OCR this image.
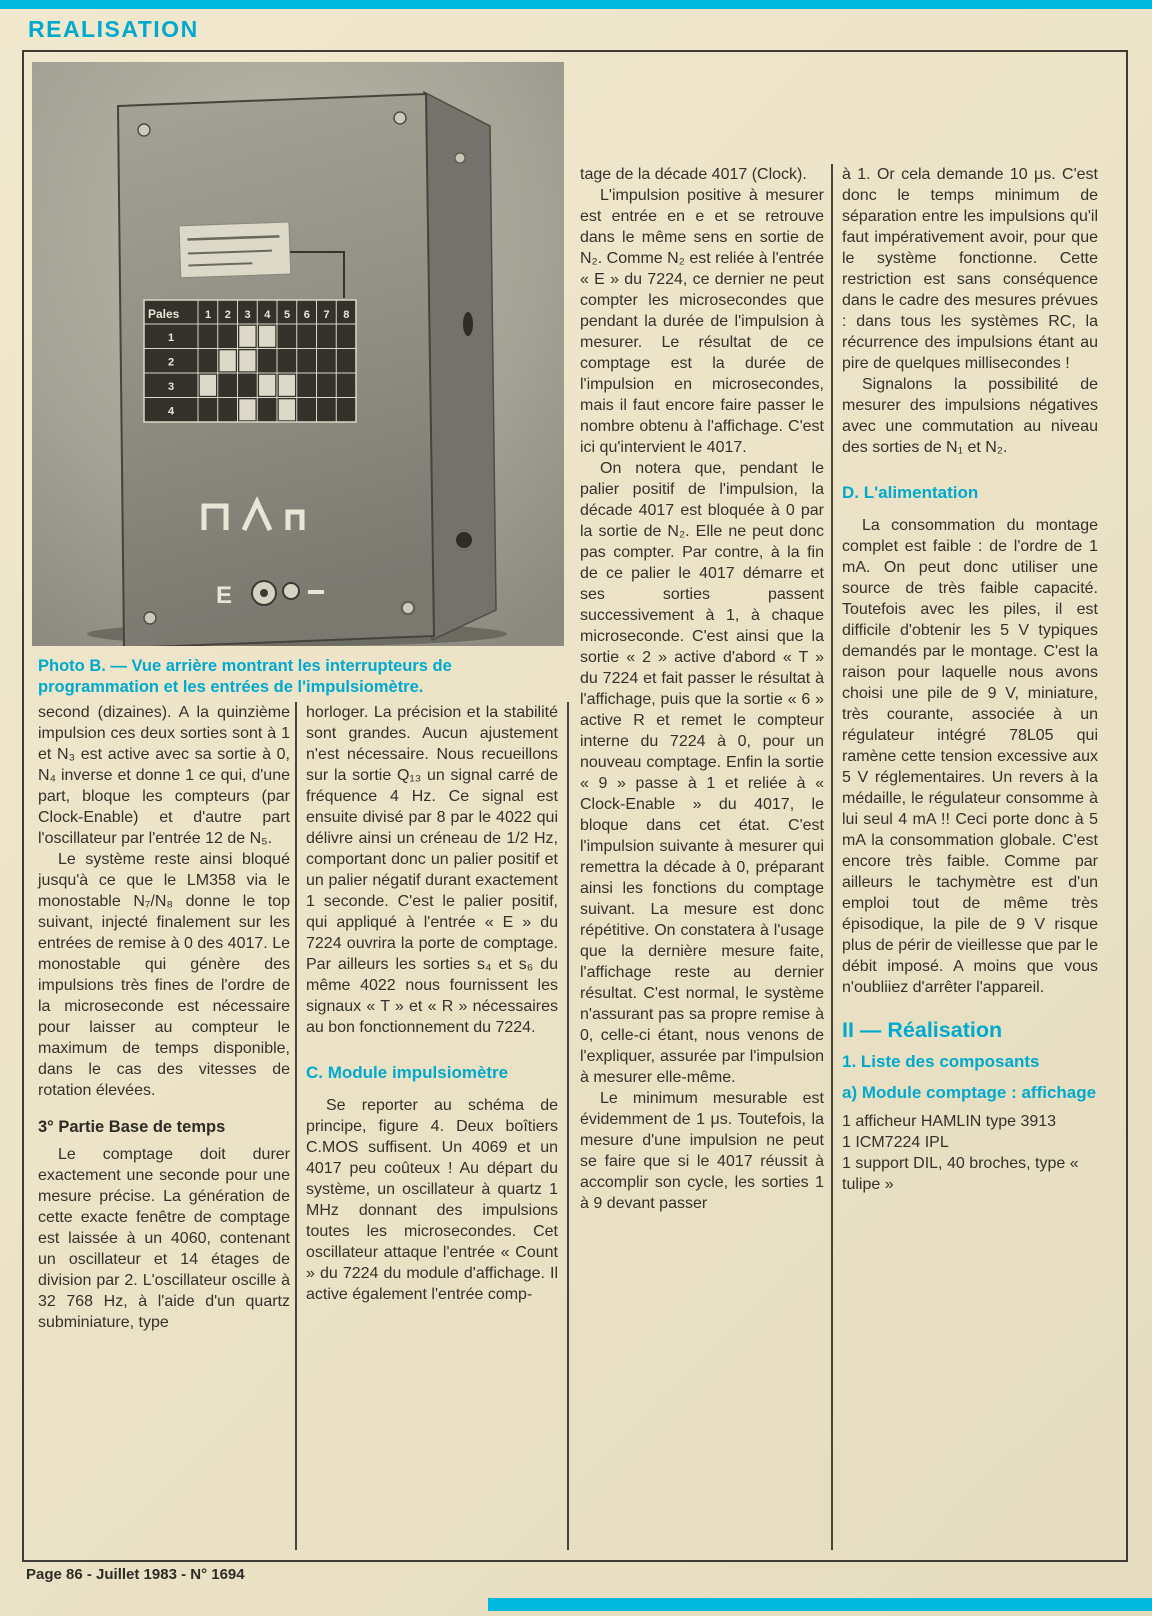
REALISATION
Pales 1 2 3 4 5 6 7 8
1
2
3
4
E
Photo B. — Vue arrière montrant les interrupteurs de programmation et les entrées de l'impulsiomètre.

second (dizaines). A la quinzième impulsion ces deux sorties sont à 1 et N₃ est active avec sa sortie à 0, N₄ inverse et donne 1 ce qui, d'une part, bloque les compteurs (par Clock-Enable) et d'autre part l'oscillateur par l'entrée 12 de N₅.

Le système reste ainsi bloqué jusqu'à ce que le LM358 via le monostable N₇/N₈ donne le top suivant, injecté finalement sur les entrées de remise à 0 des 4017. Le monostable qui génère des impulsions très fines de l'ordre de la microseconde est nécessaire pour laisser au compteur le maximum de temps disponible, dans le cas des vitesses de rotation élevées.

3° Partie Base de temps

Le comptage doit durer exactement une seconde pour une mesure précise. La génération de cette exacte fenêtre de comptage est laissée à un 4060, contenant un oscillateur et 14 étages de division par 2. L'oscillateur oscille à 32 768 Hz, à l'aide d'un quartz subminiature, type

horloger. La précision et la stabilité sont grandes. Aucun ajustement n'est nécessaire. Nous recueillons sur la sortie Q₁₃ un signal carré de fréquence 4 Hz. Ce signal est ensuite divisé par 8 par le 4022 qui délivre ainsi un créneau de 1/2 Hz, comportant donc un palier positif et un palier négatif durant exactement 1 seconde. C'est le palier positif, qui appliqué à l'entrée « E » du 7224 ouvrira la porte de comptage. Par ailleurs les sorties s₄ et s₆ du même 4022 nous fournissent les signaux « T » et « R » nécessaires au bon fonctionnement du 7224.

C. Module impulsiomètre

Se reporter au schéma de principe, figure 4. Deux boîtiers C.MOS suffisent. Un 4069 et un 4017 peu coûteux ! Au départ du système, un oscillateur à quartz 1 MHz donnant des impulsions toutes les microsecondes. Cet oscillateur attaque l'entrée « Count » du 7224 du module d'affichage. Il active également l'entrée comp-

tage de la décade 4017 (Clock).

L'impulsion positive à mesurer est entrée en e et se retrouve dans le même sens en sortie de N₂. Comme N₂ est reliée à l'entrée « E » du 7224, ce dernier ne peut compter les microsecondes que pendant la durée de l'impulsion à mesurer. Le résultat de ce comptage est la durée de l'impulsion en microsecondes, mais il faut encore faire passer le nombre obtenu à l'affichage. C'est ici qu'intervient le 4017.

On notera que, pendant le palier positif de l'impulsion, la décade 4017 est bloquée à 0 par la sortie de N₂. Elle ne peut donc pas compter. Par contre, à la fin de ce palier le 4017 démarre et ses sorties passent successivement à 1, à chaque microseconde. C'est ainsi que la sortie « 2 » active d'abord « T » du 7224 et fait passer le résultat à l'affichage, puis que la sortie « 6 » active R et remet le compteur interne du 7224 à 0, pour un nouveau comptage. Enfin la sortie « 9 » passe à 1 et reliée à « Clock-Enable » du 4017, le bloque dans cet état. C'est l'impulsion suivante à mesurer qui remettra la décade à 0, préparant ainsi les fonctions du comptage suivant. La mesure est donc répétitive. On constatera à l'usage que la dernière mesure faite, l'affichage reste au dernier résultat. C'est normal, le système n'assurant pas sa propre remise à 0, celle-ci étant, nous venons de l'expliquer, assurée par l'impulsion à mesurer elle-même.

Le minimum mesurable est évidemment de 1 μs. Toutefois, la mesure d'une impulsion ne peut se faire que si le 4017 réussit à accomplir son cycle, les sorties 1 à 9 devant passer

à 1. Or cela demande 10 μs. C'est donc le temps minimum de séparation entre les impulsions qu'il faut impérativement avoir, pour que le système fonctionne. Cette restriction est sans conséquence dans le cadre des mesures prévues : dans tous les systèmes RC, la récurrence des impulsions étant au pire de quelques millisecondes !

Signalons la possibilité de mesurer des impulsions négatives avec une commutation au niveau des sorties de N₁ et N₂.

D. L'alimentation

La consommation du montage complet est faible : de l'ordre de 1 mA. On peut donc utiliser une source de très faible capacité. Toutefois avec les piles, il est difficile d'obtenir les 5 V typiques demandés par le montage. C'est la raison pour laquelle nous avons choisi une pile de 9 V, miniature, très courante, associée à un régulateur intégré 78L05 qui ramène cette tension excessive aux 5 V réglementaires. Un revers à la médaille, le régulateur consomme à lui seul 4 mA !! Ceci porte donc à 5 mA la consommation globale. C'est encore très faible. Comme par ailleurs le tachymètre est d'un emploi tout de même très épisodique, la pile de 9 V risque plus de périr de vieillesse que par le débit imposé. A moins que vous n'oubliiez d'arrêter l'appareil.

II — Réalisation
1. Liste des composants
a) Module comptage : affichage

1 afficheur HAMLIN type 3913

1 ICM7224 IPL

1 support DIL, 40 broches, type « tulipe »

Page 86 - Juillet 1983 - N° 1694
